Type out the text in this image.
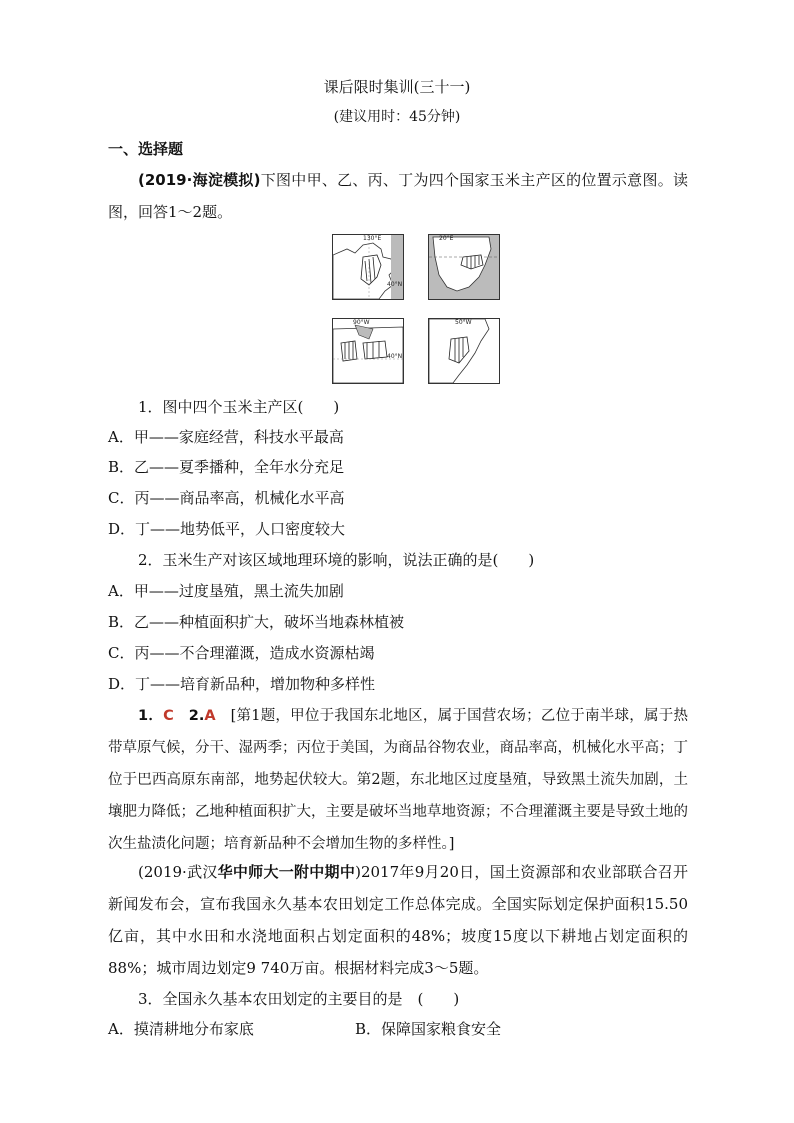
课后限时集训(三十一)
(建议用时：45分钟)
一、选择题
(2019·海淀模拟)下图中甲、乙、丙、丁为四个国家玉米主产区的位置示意图。读图，回答1～2题。
130°E
40°N
20°E
90°W
40°N
50°W
1．图中四个玉米主产区(　　)
A．甲——家庭经营，科技水平最高
B．乙——夏季播种，全年水分充足
C．丙——商品率高，机械化水平高
D．丁——地势低平，人口密度较大
2．玉米生产对该区域地理环境的影响，说法正确的是(　　)
A．甲——过度垦殖，黑土流失加剧
B．乙——种植面积扩大，破坏当地森林植被
C．丙——不合理灌溉，造成水资源枯竭
D．丁——培育新品种，增加物种多样性
1．C　 2.A　 [第1题，甲位于我国东北地区，属于国营农场；乙位于南半球，属于热带草原气候，分干、湿两季；丙位于美国，为商品谷物农业，商品率高，机械化水平高；丁位于巴西高原东南部，地势起伏较大。第2题，东北地区过度垦殖，导致黑土流失加剧，土壤肥力降低；乙地种植面积扩大，主要是破坏当地草地资源；不合理灌溉主要是导致土地的次生盐渍化问题；培育新品种不会增加生物的多样性。]
(2019·武汉华中师大一附中期中)2017年9月20日，国土资源部和农业部联合召开新闻发布会，宣布我国永久基本农田划定工作总体完成。全国实际划定保护面积15.50亿亩，其中水田和水浇地面积占划定面积的48%；坡度15度以下耕地占划定面积的88%；城市周边划定9 740万亩。根据材料完成3～5题。
3．全国永久基本农田划定的主要目的是　(　　)
A．摸清耕地分布家底	B．保障国家粮食安全
